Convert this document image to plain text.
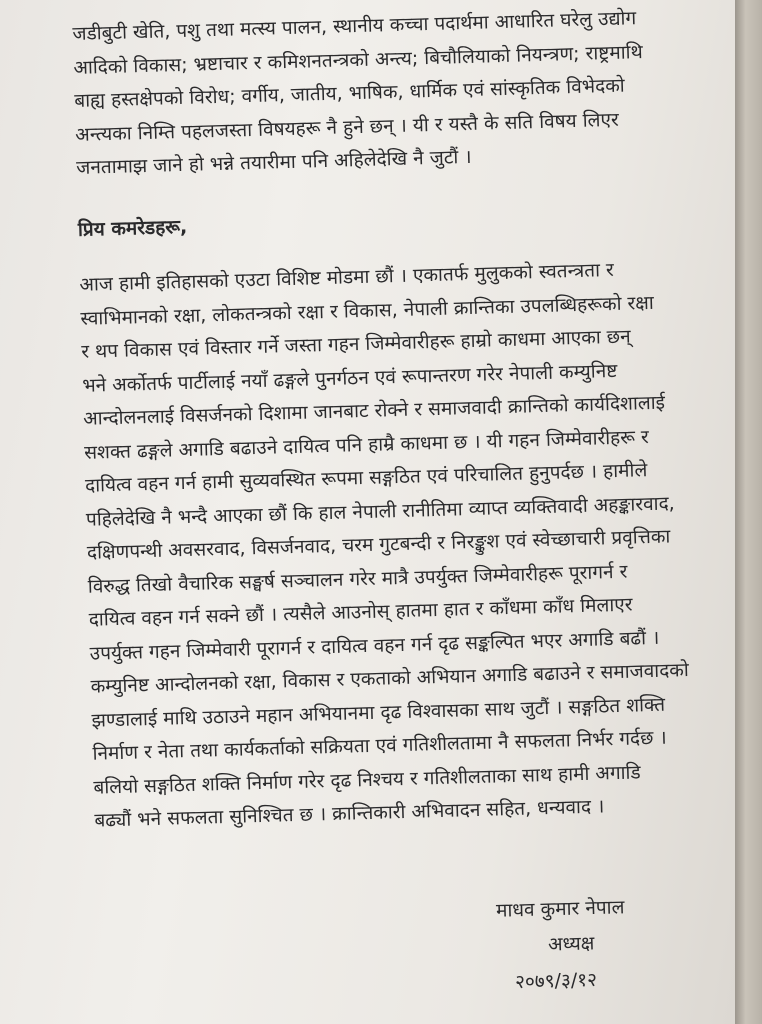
जडीबुटी खेति, पशु तथा मत्स्य पालन, स्थानीय कच्चा पदार्थमा आधारित घरेलु उद्योग
आदिको विकास; भ्रष्टाचार र कमिशनतन्त्रको अन्त्य; बिचौलियाको नियन्त्रण; राष्ट्रमाथि
बाह्य हस्तक्षेपको विरोध; वर्गीय, जातीय, भाषिक, धार्मिक एवं सांस्कृतिक विभेदको
अन्त्यका निम्ति पहलजस्ता विषयहरू नै हुने छन् । यी र यस्तै के सति विषय लिएर
जनतामाझ जाने हो भन्ने तयारीमा पनि अहिलेदेखि नै जुटौं ।
प्रिय कमरेडहरू,
आज हामी इतिहासको एउटा विशिष्ट मोडमा छौं । एकातर्फ मुलुकको स्वतन्त्रता र
स्वाभिमानको रक्षा, लोकतन्त्रको रक्षा र विकास, नेपाली क्रान्तिका उपलब्धिहरूको रक्षा
र थप विकास एवं विस्तार गर्ने जस्ता गहन जिम्मेवारीहरू हाम्रो काधमा आएका छन्
भने अर्कोतर्फ पार्टीलाई नयाँ ढङ्गले पुनर्गठन एवं रूपान्तरण गरेर नेपाली कम्युनिष्ट
आन्दोलनलाई विसर्जनको दिशामा जानबाट रोक्ने र समाजवादी क्रान्तिको कार्यदिशालाई
सशक्त ढङ्गले अगाडि बढाउने दायित्व पनि हाम्रै काधमा छ । यी गहन जिम्मेवारीहरू र
दायित्व वहन गर्न हामी सुव्यवस्थित रूपमा सङ्गठित एवं परिचालित हुनुपर्दछ । हामीले
पहिलेदेखि नै भन्दै आएका छौं कि हाल नेपाली रानीतिमा व्याप्त व्यक्तिवादी अहङ्कारवाद,
दक्षिणपन्थी अवसरवाद, विसर्जनवाद, चरम गुटबन्दी र निरङ्कुश एवं स्वेच्छाचारी प्रवृत्तिका
विरुद्ध तिखो वैचारिक सङ्घर्ष सञ्चालन गरेर मात्रै उपर्युक्त जिम्मेवारीहरू पूरागर्न र
दायित्व वहन गर्न सक्ने छौं । त्यसैले आउनोस् हातमा हात र काँधमा काँध मिलाएर
उपर्युक्त गहन जिम्मेवारी पूरागर्न र दायित्व वहन गर्न दृढ सङ्कल्पित भएर अगाडि बढौं ।
कम्युनिष्ट आन्दोलनको रक्षा, विकास र एकताको अभियान अगाडि बढाउने र समाजवादको
झण्डालाई माथि उठाउने महान अभियानमा दृढ विश्वासका साथ जुटौं । सङ्गठित शक्ति
निर्माण र नेता तथा कार्यकर्ताको सक्रियता एवं गतिशीलतामा नै सफलता निर्भर गर्दछ ।
बलियो सङ्गठित शक्ति निर्माण गरेर दृढ निश्चय र गतिशीलताका साथ हामी अगाडि
बढ्यौं भने सफलता सुनिश्चित छ । क्रान्तिकारी अभिवादन सहित, धन्यवाद ।
माधव कुमार नेपाल
अध्यक्ष
२०७९/३/१२
